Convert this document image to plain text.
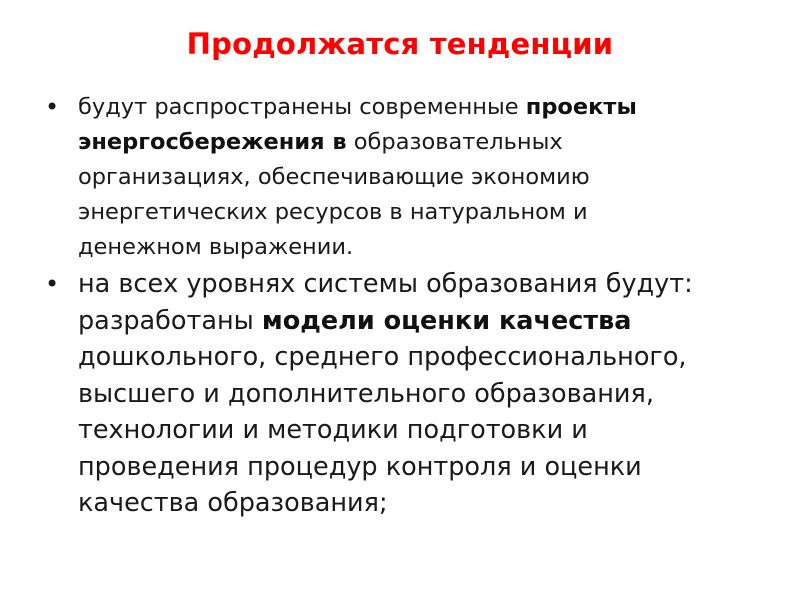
Продолжатся тенденции
• будут распространены современные проекты
энергосбережения в образовательных
организациях, обеспечивающие экономию
энергетических ресурсов в натуральном и
денежном выражении.
• на всех уровнях системы образования будут:
разработаны модели оценки качества
дошкольного, среднего профессионального,
высшего и дополнительного образования,
технологии и методики подготовки и
проведения процедур контроля и оценки
качества образования;
